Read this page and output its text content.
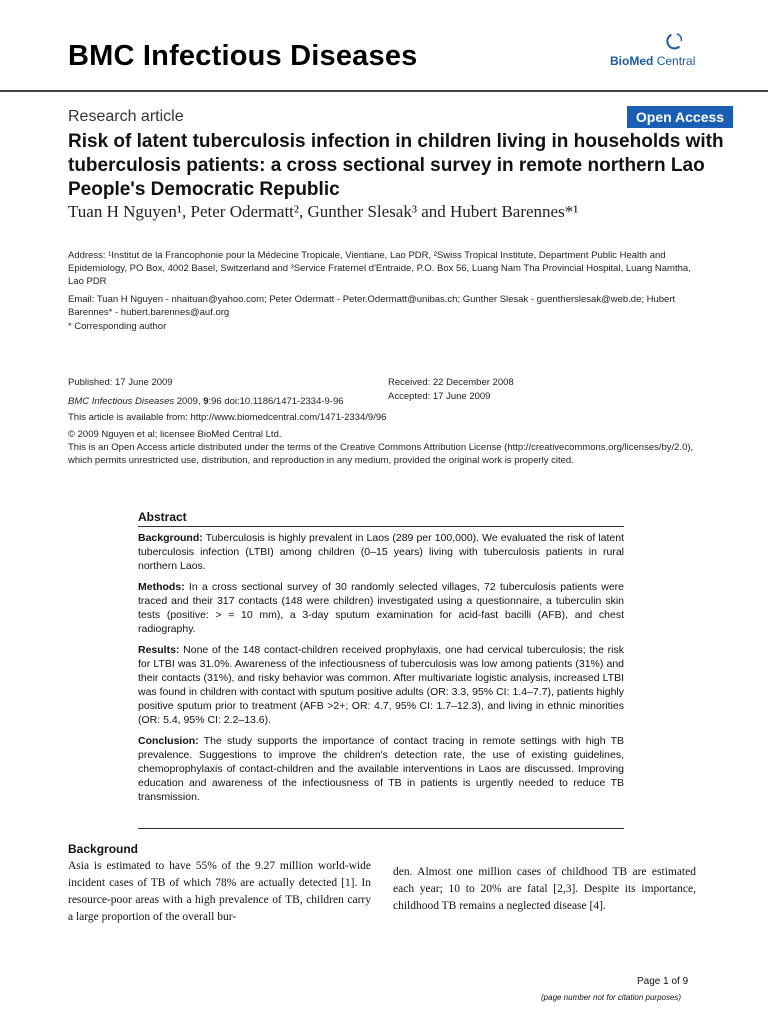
BMC Infectious Diseases	BioMed Central
Research article	Open Access
Risk of latent tuberculosis infection in children living in households with tuberculosis patients: a cross sectional survey in remote northern Lao People's Democratic Republic
Tuan H Nguyen¹, Peter Odermatt², Gunther Slesak³ and Hubert Barennes*¹
Address: ¹Institut de la Francophonie pour la Médecine Tropicale, Vientiane, Lao PDR, ²Swiss Tropical Institute, Department Public Health and Epidemiology, PO Box, 4002 Basel, Switzerland and ³Service Fraternel d'Entraide, P.O. Box 56, Luang Nam Tha Provincial Hospital, Luang Namtha, Lao PDR
Email: Tuan H Nguyen - nhaituan@yahoo.com; Peter Odermatt - Peter.Odermatt@unibas.ch; Gunther Slesak - guentherslesak@web.de; Hubert Barennes* - hubert.barennes@auf.org
* Corresponding author
Published: 17 June 2009
BMC Infectious Diseases 2009, 9:96 doi:10.1186/1471-2334-9-96
Received: 22 December 2008
Accepted: 17 June 2009
This article is available from: http://www.biomedcentral.com/1471-2334/9/96
© 2009 Nguyen et al; licensee BioMed Central Ltd.
This is an Open Access article distributed under the terms of the Creative Commons Attribution License (http://creativecommons.org/licenses/by/2.0), which permits unrestricted use, distribution, and reproduction in any medium, provided the original work is properly cited.
Abstract

Background: Tuberculosis is highly prevalent in Laos (289 per 100,000). We evaluated the risk of latent tuberculosis infection (LTBI) among children (0–15 years) living with tuberculosis patients in rural northern Laos.

Methods: In a cross sectional survey of 30 randomly selected villages, 72 tuberculosis patients were traced and their 317 contacts (148 were children) investigated using a questionnaire, a tuberculin skin tests (positive: > = 10 mm), a 3-day sputum examination for acid-fast bacilli (AFB), and chest radiography.

Results: None of the 148 contact-children received prophylaxis, one had cervical tuberculosis; the risk for LTBI was 31.0%. Awareness of the infectiousness of tuberculosis was low among patients (31%) and their contacts (31%), and risky behavior was common. After multivariate logistic analysis, increased LTBI was found in children with contact with sputum positive adults (OR: 3.3, 95% CI: 1.4–7.7), patients highly positive sputum prior to treatment (AFB >2+; OR: 4.7, 95% CI: 1.7–12.3), and living in ethnic minorities (OR: 5.4, 95% CI: 2.2–13.6).

Conclusion: The study supports the importance of contact tracing in remote settings with high TB prevalence. Suggestions to improve the children's detection rate, the use of existing guidelines, chemoprophylaxis of contact-children and the available interventions in Laos are discussed. Improving education and awareness of the infectiousness of TB in patients is urgently needed to reduce TB transmission.

Background
Asia is estimated to have 55% of the 9.27 million world-wide incident cases of TB of which 78% are actually detected [1]. In resource-poor areas with a high prevalence of TB, children carry a large proportion of the overall bur-
den. Almost one million cases of childhood TB are estimated each year; 10 to 20% are fatal [2,3]. Despite its importance, childhood TB remains a neglected disease [4].
Page 1 of 9
(page number not for citation purposes)
